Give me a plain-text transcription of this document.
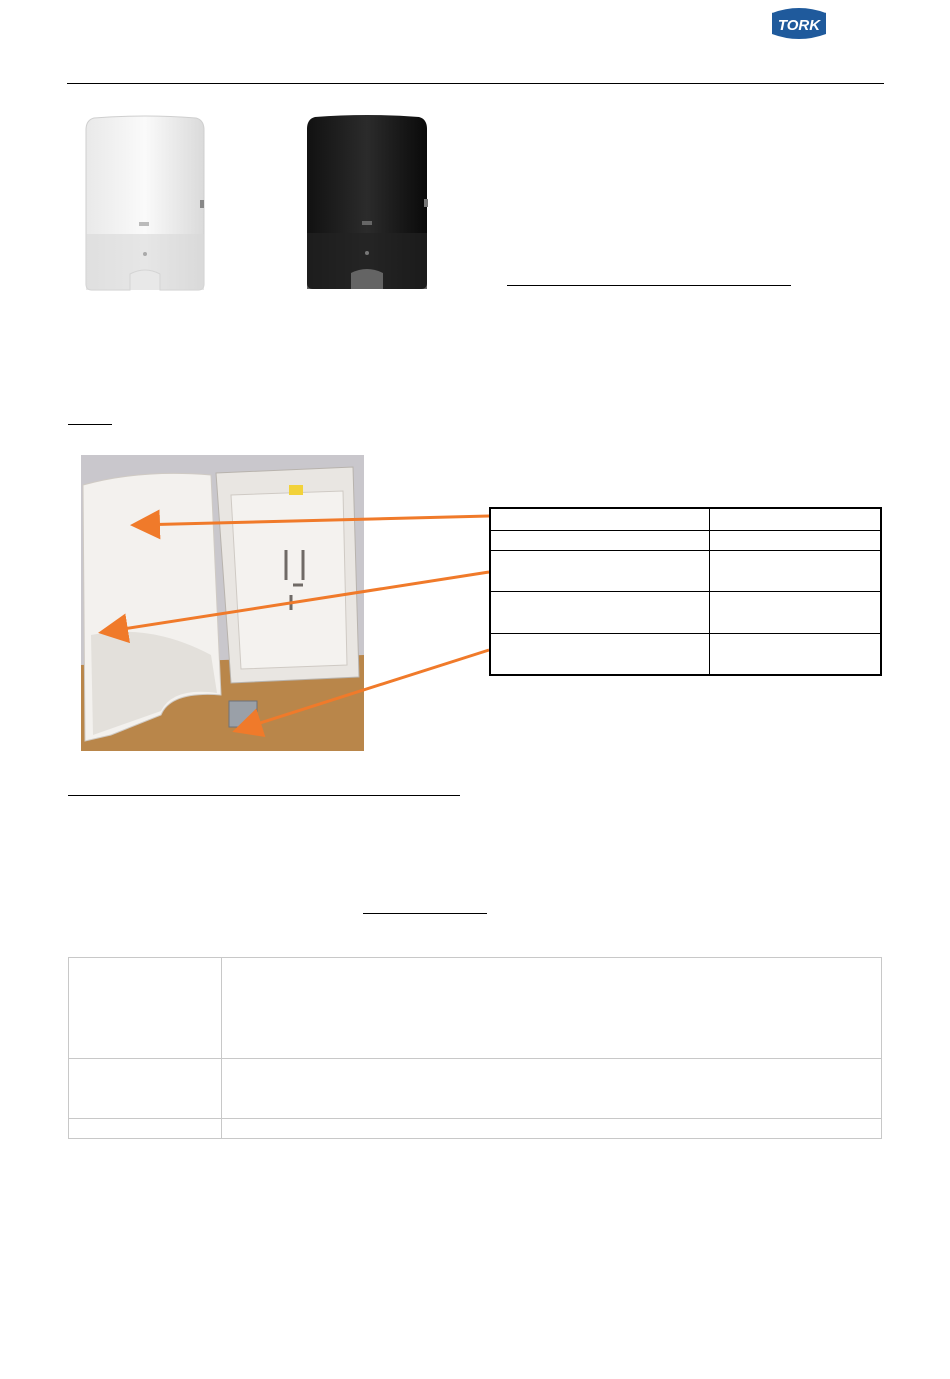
TORK
